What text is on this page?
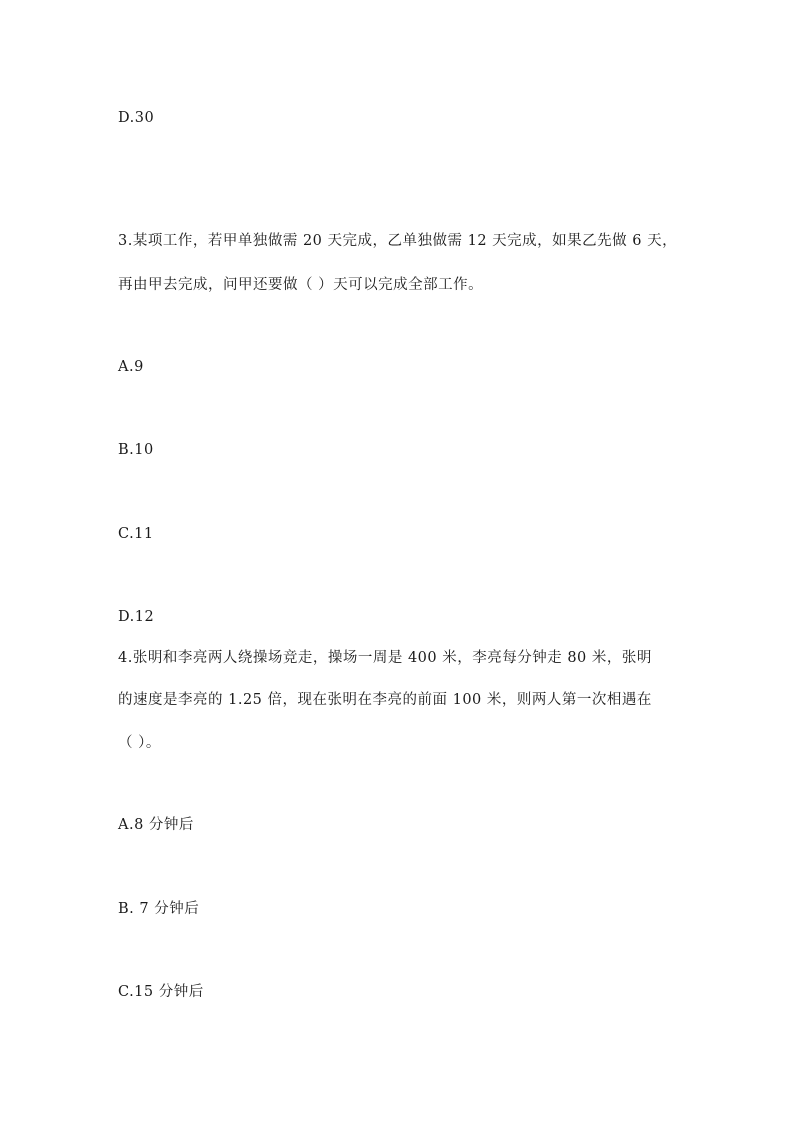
D.30
3.某项工作，若甲单独做需 20 天完成，乙单独做需 12 天完成，如果乙先做 6 天，
再由甲去完成，问甲还要做（ ）天可以完成全部工作。
A.9
B.10
C.11
D.12
4.张明和李亮两人绕操场竞走，操场一周是 400 米，李亮每分钟走 80 米，张明
的速度是李亮的 1.25 倍，现在张明在李亮的前面 100 米，则两人第一次相遇在
（ ）。
A.8 分钟后
B. 7 分钟后
C.15 分钟后
